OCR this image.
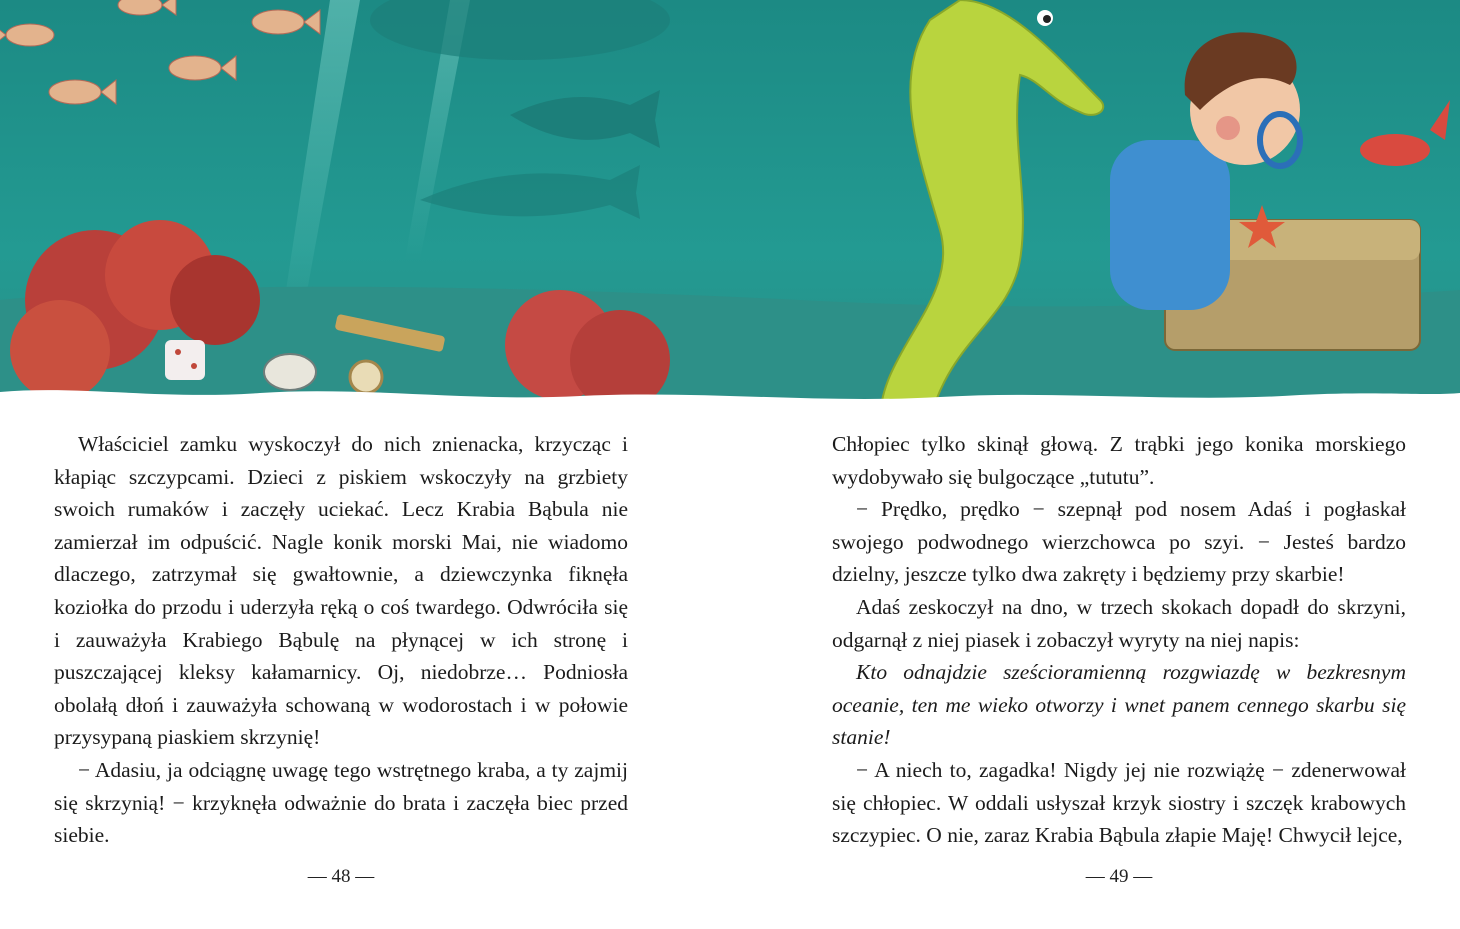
Właściciel zamku wyskoczył do nich znienacka, krzycząc i kłapiąc szczypcami. Dzieci z piskiem wskoczyły na grzbiety swoich rumaków i zaczęły uciekać. Lecz Krabia Bąbula nie zamierzał im odpuścić. Nagle konik morski Mai, nie wiadomo dlaczego, zatrzymał się gwałtownie, a dziewczynka fiknęła koziołka do przodu i uderzyła ręką o coś twardego. Odwróciła się i zauważyła Krabiego Bąbulę na płynącej w ich stronę i puszczającej kleksy kałamarnicy. Oj, niedobrze… Podniosła obolałą dłoń i zauważyła schowaną w wodorostach i w połowie przysypaną piaskiem skrzynię!

− Adasiu, ja odciągnę uwagę tego wstrętnego kraba, a ty zajmij się skrzynią! − krzyknęła odważnie do brata i zaczęła biec przed siebie.

Chłopiec tylko skinął głową. Z trąbki jego konika morskiego wydobywało się bulgoczące „tututu”.

− Prędko, prędko − szepnął pod nosem Adaś i pogłaskał swojego podwodnego wierzchowca po szyi. − Jesteś bardzo dzielny, jeszcze tylko dwa zakręty i będziemy przy skarbie!

Adaś zeskoczył na dno, w trzech skokach dopadł do skrzyni, odgarnął z niej piasek i zobaczył wyryty na niej napis:

Kto odnajdzie sześcioramienną rozgwiazdę w bezkresnym oceanie, ten me wieko otworzy i wnet panem cennego skarbu się stanie!

− A niech to, zagadka! Nigdy jej nie rozwiążę − zdenerwował się chłopiec. W oddali usłyszał krzyk siostry i szczęk krabowych szczypiec. O nie, zaraz Krabia Bąbula złapie Maję! Chwycił lejce,

— 48 —	— 49 —
